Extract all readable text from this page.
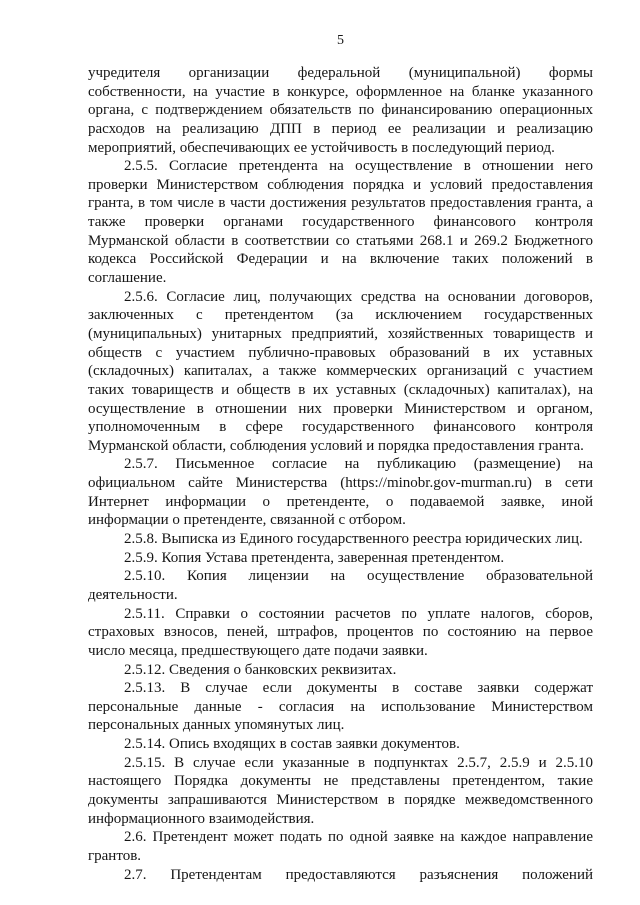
5
учредителя организации федеральной (муниципальной) формы
собственности, на участие в конкурсе, оформленное на бланке указанного
органа, с подтверждением обязательств по финансированию операционных
расходов на реализацию ДПП в период ее реализации и реализацию
мероприятий, обеспечивающих ее устойчивость в последующий период.
2.5.5. Согласие претендента на осуществление в отношении него
проверки Министерством соблюдения порядка и условий предоставления
гранта, в том числе в части достижения результатов предоставления гранта, а
также проверки органами государственного финансового контроля
Мурманской области в соответствии со статьями 268.1 и 269.2 Бюджетного
кодекса Российской Федерации и на включение таких положений в
соглашение.
2.5.6. Согласие лиц, получающих средства на основании договоров,
заключенных с претендентом (за исключением государственных
(муниципальных) унитарных предприятий, хозяйственных товариществ и
обществ с участием публично-правовых образований в их уставных
(складочных) капиталах, а также коммерческих организаций с участием
таких товариществ и обществ в их уставных (складочных) капиталах), на
осуществление в отношении них проверки Министерством и органом,
уполномоченным в сфере государственного финансового контроля
Мурманской области, соблюдения условий и порядка предоставления гранта.
2.5.7. Письменное согласие на публикацию (размещение) на
официальном сайте Министерства (https://minobr.gov-murman.ru) в сети
Интернет информации о претенденте, о подаваемой заявке, иной
информации о претенденте, связанной с отбором.
2.5.8. Выписка из Единого государственного реестра юридических лиц.
2.5.9. Копия Устава претендента, заверенная претендентом.
2.5.10. Копия лицензии на осуществление образовательной
деятельности.
2.5.11. Справки о состоянии расчетов по уплате налогов, сборов,
страховых взносов, пеней, штрафов, процентов по состоянию на первое
число месяца, предшествующего дате подачи заявки.
2.5.12. Сведения о банковских реквизитах.
2.5.13. В случае если документы в составе заявки содержат
персональные данные - согласия на использование Министерством
персональных данных упомянутых лиц.
2.5.14. Опись входящих в состав заявки документов.
2.5.15. В случае если указанные в подпунктах 2.5.7, 2.5.9 и 2.5.10
настоящего Порядка документы не представлены претендентом, такие
документы запрашиваются Министерством в порядке межведомственного
информационного взаимодействия.
2.6. Претендент может подать по одной заявке на каждое направление
грантов.
2.7. Претендентам предоставляются разъяснения положений
